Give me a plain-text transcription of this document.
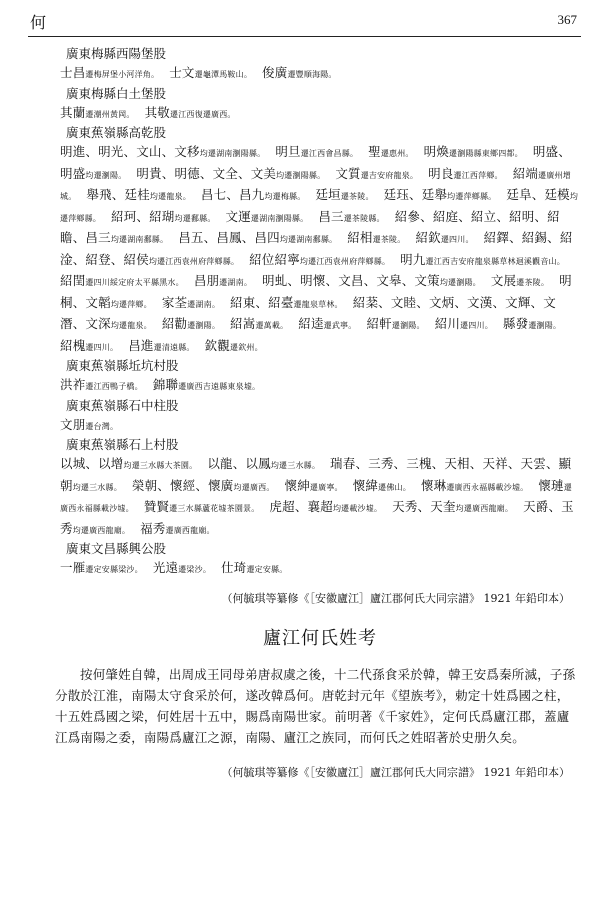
何	367
廣東梅縣西陽堡股
士昌遷梅屏堡小河洋角。 士文遷龜潭馬鞍山。 俊廣遷豐順海陽。
廣東梅縣白土堡股
其蘭遷潮州黃岡。 其敬遷江西復遷廣西。
廣東蕉嶺縣高乾股
明進、明光、文山、文移均遷湖南瀏陽縣。 明旦遷江西會昌縣。 聖遷惠州。 明煥遷瀏陽縣東鄉四都。 明盛、明盛均遷瀏陽。 明貴、明德、文全、文美均遷瀏陽縣。 文質遷吉安府龍泉。 明良遷江西萍鄉。 紹端遷廣州增城。 舉飛、廷桂均遷龍泉。 昌七、昌九均遷梅縣。 廷垣遷茶陵。 廷珏、廷舉均遷萍鄉縣。 廷阜、廷模均遷萍鄉縣。 紹珂、紹瑚均遷鄱縣。 文運遷湖南瀏陽縣。 昌三遷茶陵縣。 紹參、紹庭、紹立、紹明、紹瞻、昌三均遷湖南鄱縣。 昌五、昌鳳、昌四均遷湖南鄱縣。 紹相遷茶陵。 紹欽遷四川。 紹鐸、紹錫、紹淦、紹登、紹侯均遷江西袁州府萍鄉縣。 紹位紹寧均遷江西袁州府萍鄉縣。 明九遷江西吉安府龍泉縣草林迴溪觀音山。紹閏遷四川綏定府太平縣黑水。 昌朋遷湖南。 明虬、明懷、文昌、文皋、文策均遷瀏陽。 文展遷茶陵。 明桐、文韜均遷萍鄉。 家荃遷湖南。 紹東、紹臺遷龍泉草林。 紹棻、文睦、文炳、文漢、文輝、文潛、文深均遷龍泉。 紹勸遷瀏陽。 紹嵩遷萬載。 紹逵遷武寧。 紹軒遷瀏陽。 紹川遷四川。 縣發遷瀏陽。紹槐遷四川。 昌進遷清遠縣。 欽觀遷欽州。
廣東蕉嶺縣坵坑村股
洪祚遷江西鴨子橋。 錦聯遷廣西吉遠縣東泉墟。
廣東蕉嶺縣石中柱股
文朋遷台灣。
廣東蕉嶺縣石上村股
以城、以增均遷三水縣大茶園。 以龍、以鳳均遷三水縣。 瑞春、三秀、三槐、天相、天祥、天雲、顯朝均遷三水縣。 榮朝、懷經、懷廣均遷廣西。 懷紳遷廣寧。 懷緯遷佛山。 懷琳遷廣西永福縣載沙墟。 懷璉遷廣西永福縣載沙墟。 贊賢遷三水縣蘆花墟茶園景。 虎超、襄超均遷載沙墟。 天秀、天奎均遷廣西龍廟。 天爵、玉秀均遷廣西龍廟。 福秀遷廣西龍廟。
廣東文昌縣興公股
一雁遷定安縣梁沙。 光遠遷梁沙。 仕琦遷定安縣。
（何毓琪等纂修《［安徽廬江］廬江郡何氏大同宗譜》 1921 年鉛印本）
廬江何氏姓考
按何肇姓自韓，出周成王同母弟唐叔虞之後，十二代孫食采於韓，韓王安爲秦所滅，子孫分散於江淮，南陽太守食采於何，遂改韓爲何。唐乾封元年《望族考》，勅定十姓爲國之柱，十五姓爲國之梁，何姓居十五中，賜爲南陽世家。前明著《千家姓》，定何氏爲廬江郡，蓋廬江爲南陽之委，南陽爲廬江之源，南陽、廬江之族同，而何氏之姓昭著於史册久矣。
（何毓琪等纂修《［安徽廬江］廬江郡何氏大同宗譜》 1921 年鉛印本）
